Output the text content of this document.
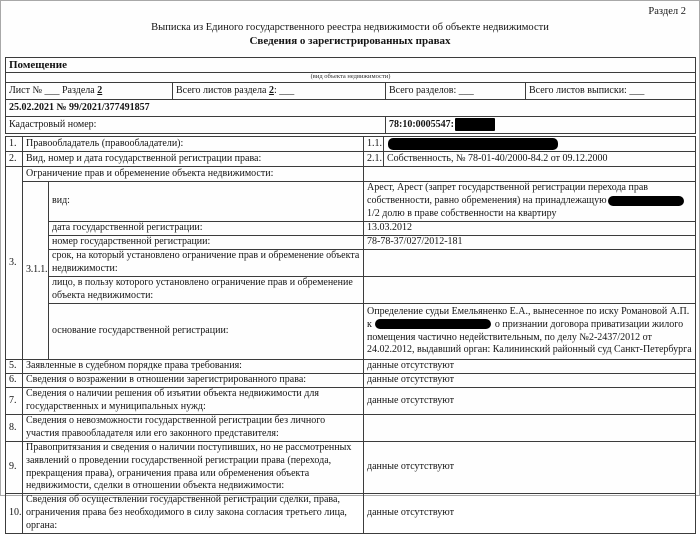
Раздел 2
Выписка из Единого государственного реестра недвижимости об объекте недвижимости
Сведения о зарегистрированных правах
Помещение			
(вид объекта недвижимости)			
Лист № ___ Раздела 2	Всего листов раздела 2: ___	Всего разделов: ___	Всего листов выписки: ___
25.02.2021 № 99/2021/377491857			
Кадастровый номер:		78:10:0005547:	
1.	Правообладатель (правообладатели):		1.1.	
2.	Вид, номер и дата государственной регистрации права:		2.1.	Собственность, № 78-01-40/2000-84.2 от 09.12.2000
3.	Ограничение прав и обременение объекта недвижимости:			
	3.1.1.	вид:	Арест, Арест (запрет государственной регистрации перехода прав собственности, равно обременения) на принадлежащую1/2 долю в праве собственности на квартиру	
		дата государственной регистрации:	13.03.2012	
		номер государственной регистрации:	78-78-37/027/2012-181	
		срок, на который установлено ограничение прав и обременение объекта недвижимости:		
		лицо, в пользу которого установлено ограничение прав и обременение объекта недвижимости:		
		основание государственной регистрации:	Определение судьи Емельяненко Е.А., вынесенное по иску Романовой А.П. к о признании договора приватизации жилого помещения частично недействительным, по делу №2-2437/2012 от 24.02.2012, выдавший орган: Калининский районный суд Санкт-Петербурга	
5.	Заявленные в судебном порядке права требования:		данные отсутствуют	
6.	Сведения о возражении в отношении зарегистрированного права:		данные отсутствуют	
7.	Сведения о наличии решения об изъятии объекта недвижимости для государственных и муниципальных нужд:		данные отсутствуют	
8.	Сведения о невозможности государственной регистрации без личного участия правообладателя или его законного представителя:			
9.	Правопритязания и сведения о наличии поступивших, но не рассмотренных заявлений о проведении государственной регистрации права (перехода, прекращения права), ограничения права или обременения объекта недвижимости, сделки в отношении объекта недвижимости:		данные отсутствуют	
10.	Сведения об осуществлении государственной регистрации сделки, права, ограничения права без необходимого в силу закона согласия третьего лица, органа:		данные отсутствуют	
